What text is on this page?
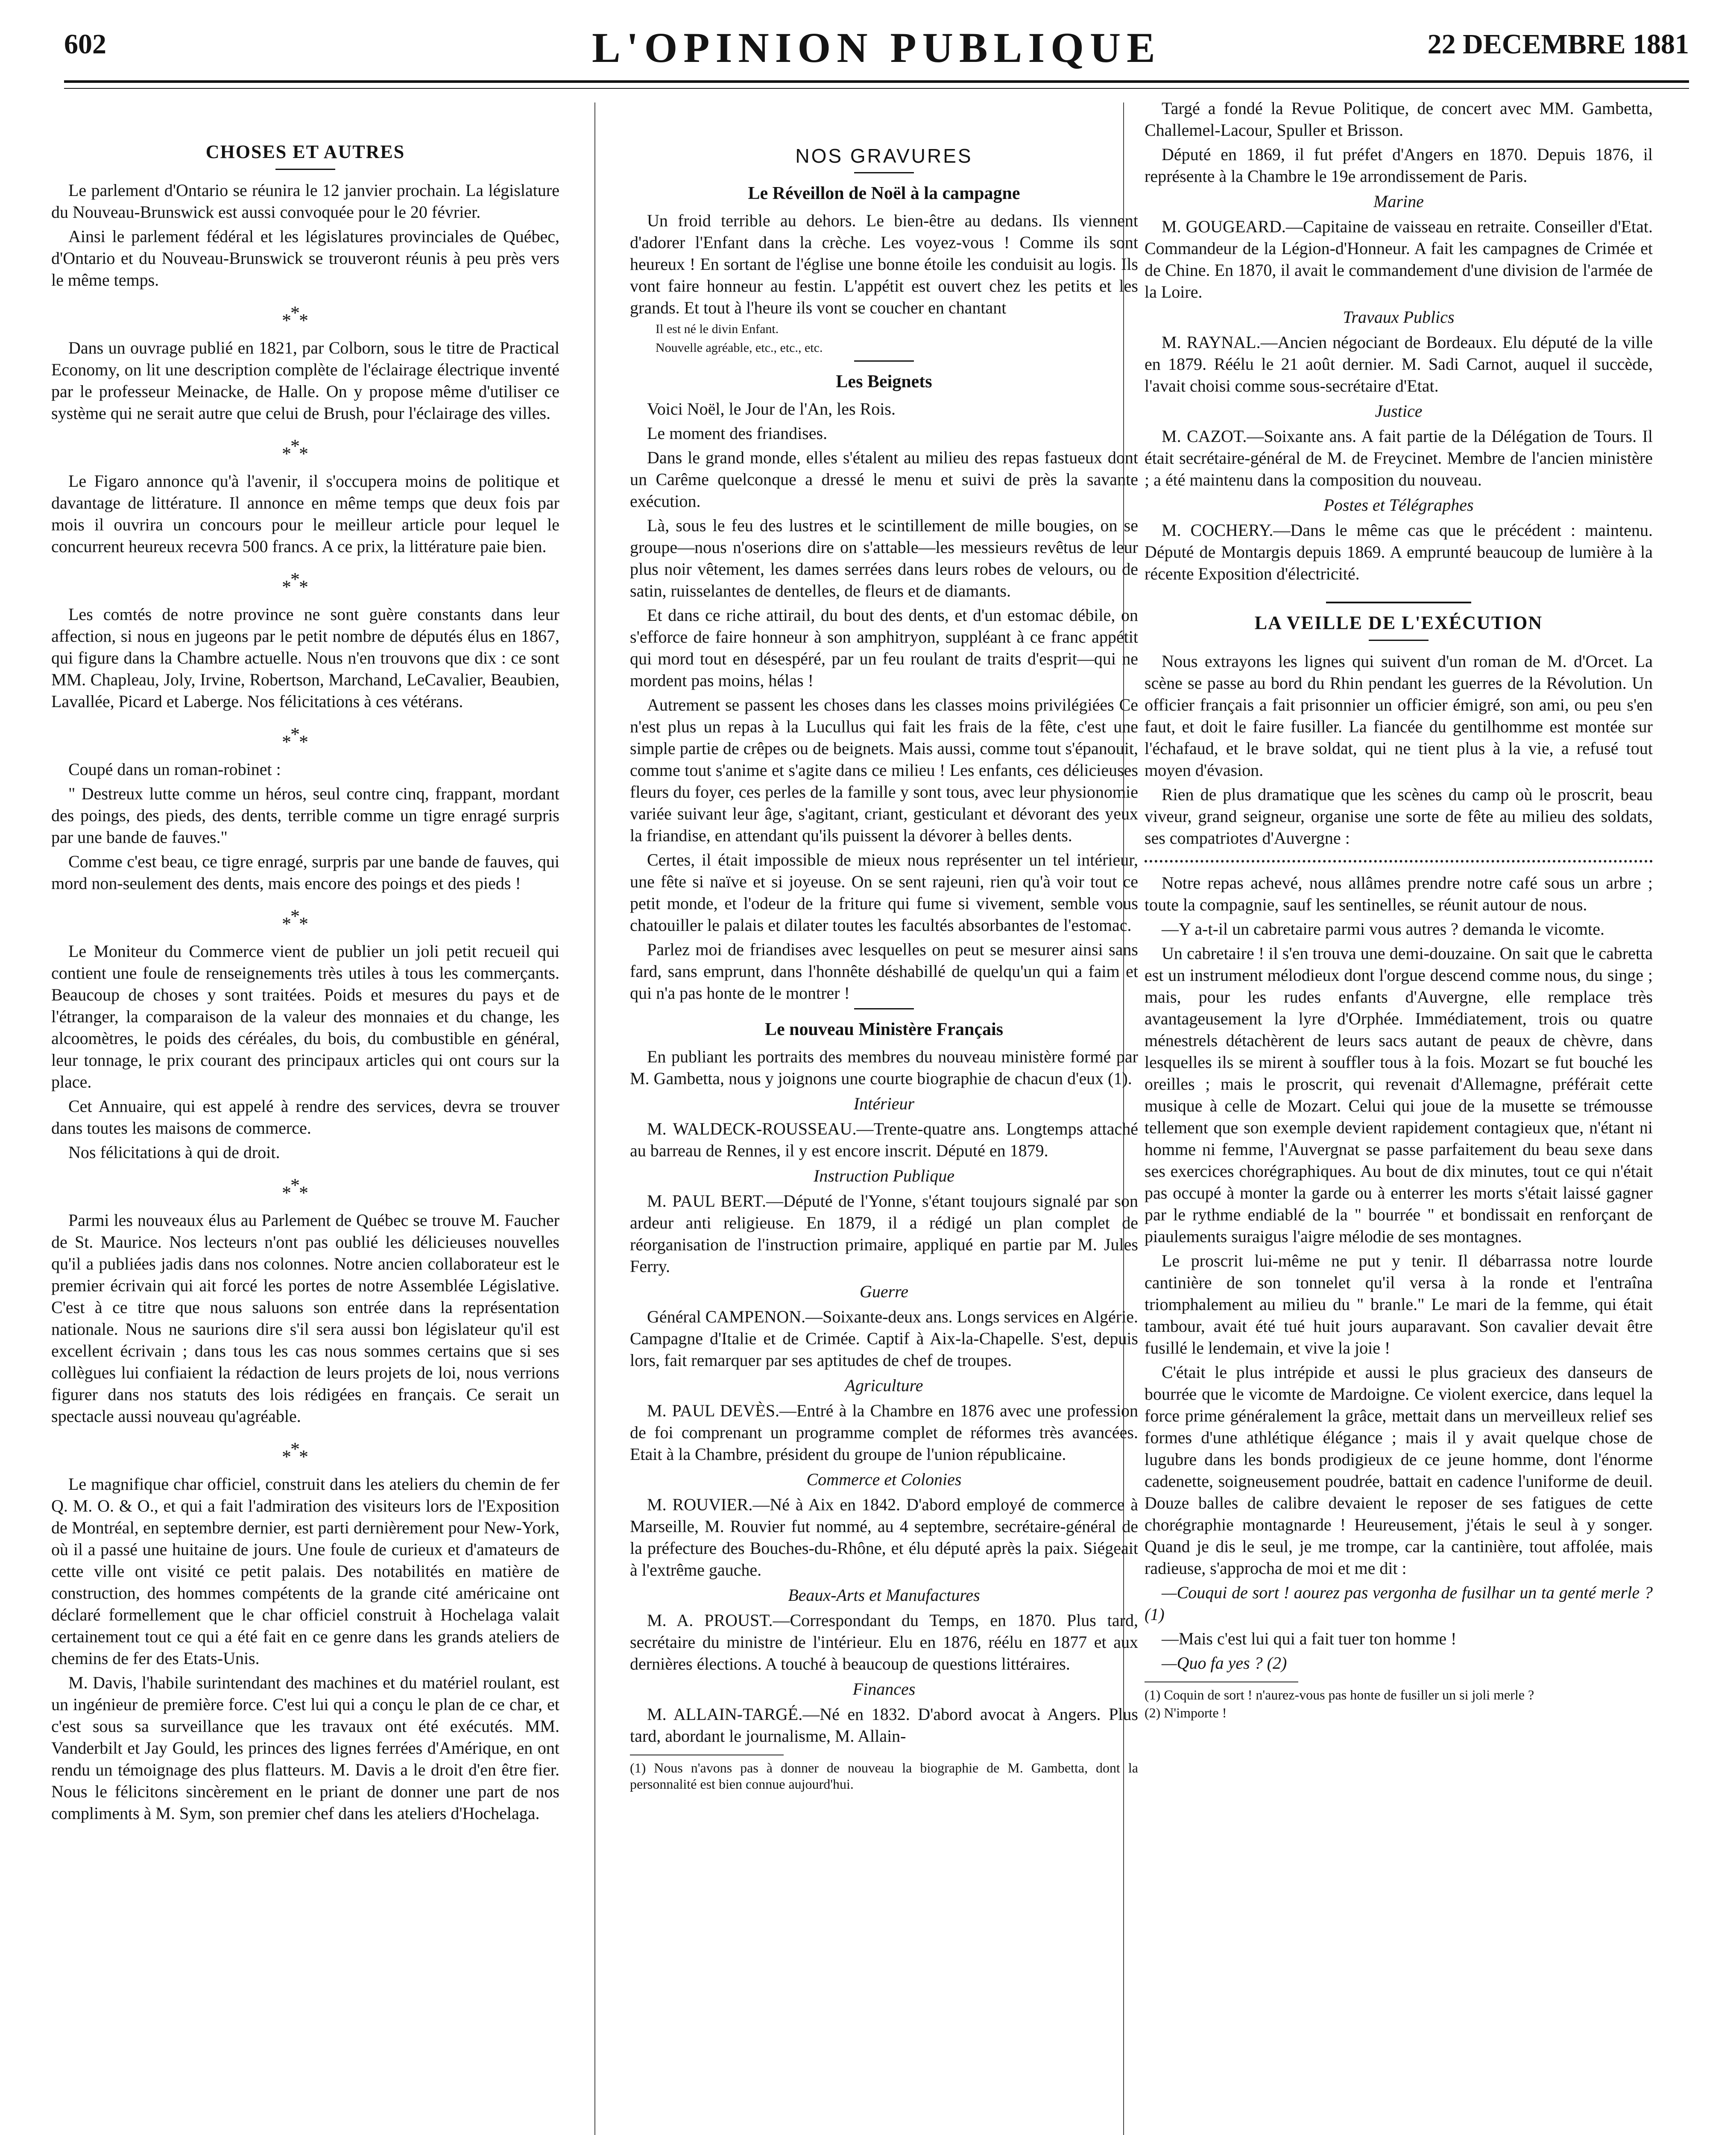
602	L'OPINION PUBLIQUE	22 DECEMBRE 1881
CHOSES ET AUTRES

Le parlement d'Ontario se réunira le 12 janvier prochain. La législature du Nouveau-Brunswick est aussi convoquée pour le 20 février.

Ainsi le parlement fédéral et les législatures provinciales de Québec, d'Ontario et du Nouveau-Brunswick se trouveront réunis à peu près vers le même temps.

*
* *

Dans un ouvrage publié en 1821, par Colborn, sous le titre de Practical Economy, on lit une description complète de l'éclairage électrique inventé par le professeur Meinacke, de Halle. On y propose même d'utiliser ce système qui ne serait autre que celui de Brush, pour l'éclairage des villes.

*
* *

Le Figaro annonce qu'à l'avenir, il s'occupera moins de politique et davantage de littérature. Il annonce en même temps que deux fois par mois il ouvrira un concours pour le meilleur article pour lequel le concurrent heureux recevra 500 francs. A ce prix, la littérature paie bien.

*
* *

Les comtés de notre province ne sont guère constants dans leur affection, si nous en jugeons par le petit nombre de députés élus en 1867, qui figure dans la Chambre actuelle. Nous n'en trouvons que dix : ce sont MM. Chapleau, Joly, Irvine, Robertson, Marchand, LeCavalier, Beaubien, Lavallée, Picard et Laberge. Nos félicitations à ces vétérans.

*
* *

Coupé dans un roman-robinet :

" Destreux lutte comme un héros, seul contre cinq, frappant, mordant des poings, des pieds, des dents, terrible comme un tigre enragé surpris par une bande de fauves."

Comme c'est beau, ce tigre enragé, surpris par une bande de fauves, qui mord non-seulement des dents, mais encore des poings et des pieds !

*
* *

Le Moniteur du Commerce vient de publier un joli petit recueil qui contient une foule de renseignements très utiles à tous les commerçants. Beaucoup de choses y sont traitées. Poids et mesures du pays et de l'étranger, la comparaison de la valeur des monnaies et du change, les alcoomètres, le poids des céréales, du bois, du combustible en général, leur tonnage, le prix courant des principaux articles qui ont cours sur la place.

Cet Annuaire, qui est appelé à rendre des services, devra se trouver dans toutes les maisons de commerce.

Nos félicitations à qui de droit.

*
* *

Parmi les nouveaux élus au Parlement de Québec se trouve M. Faucher de St. Maurice. Nos lecteurs n'ont pas oublié les délicieuses nouvelles qu'il a publiées jadis dans nos colonnes. Notre ancien collaborateur est le premier écrivain qui ait forcé les portes de notre Assemblée Législative. C'est à ce titre que nous saluons son entrée dans la représentation nationale. Nous ne saurions dire s'il sera aussi bon législateur qu'il est excellent écrivain ; dans tous les cas nous sommes certains que si ses collègues lui confiaient la rédaction de leurs projets de loi, nous verrions figurer dans nos statuts des lois rédigées en français. Ce serait un spectacle aussi nouveau qu'agréable.

*
* *

Le magnifique char officiel, construit dans les ateliers du chemin de fer Q. M. O. & O., et qui a fait l'admiration des visiteurs lors de l'Exposition de Montréal, en septembre dernier, est parti dernièrement pour New-York, où il a passé une huitaine de jours. Une foule de curieux et d'amateurs de cette ville ont visité ce petit palais. Des notabilités en matière de construction, des hommes compétents de la grande cité américaine ont déclaré formellement que le char officiel construit à Hochelaga valait certainement tout ce qui a été fait en ce genre dans les grands ateliers de chemins de fer des Etats-Unis.

M. Davis, l'habile surintendant des machines et du matériel roulant, est un ingénieur de première force. C'est lui qui a conçu le plan de ce char, et c'est sous sa surveillance que les travaux ont été exécutés. MM. Vanderbilt et Jay Gould, les princes des lignes ferrées d'Amérique, en ont rendu un témoignage des plus flatteurs. M. Davis a le droit d'en être fier. Nous le félicitons sincèrement en le priant de donner une part de nos compliments à M. Sym, son premier chef dans les ateliers d'Hochelaga.

NOS GRAVURES
Le Réveillon de Noël à la campagne

Un froid terrible au dehors. Le bien-être au dedans. Ils viennent d'adorer l'Enfant dans la crèche. Les voyez-vous ! Comme ils sont heureux ! En sortant de l'église une bonne étoile les conduisit au logis. Ils vont faire honneur au festin. L'appétit est ouvert chez les petits et les grands. Et tout à l'heure ils vont se coucher en chantant

Il est né le divin Enfant.

Nouvelle agréable, etc., etc., etc.

Les Beignets

Voici Noël, le Jour de l'An, les Rois.

Le moment des friandises.

Dans le grand monde, elles s'étalent au milieu des repas fastueux dont un Carême quelconque a dressé le menu et suivi de près la savante exécution.

Là, sous le feu des lustres et le scintillement de mille bougies, on se groupe—nous n'oserions dire on s'attable—les messieurs revêtus de leur plus noir vêtement, les dames serrées dans leurs robes de velours, ou de satin, ruisselantes de dentelles, de fleurs et de diamants.

Et dans ce riche attirail, du bout des dents, et d'un estomac débile, on s'efforce de faire honneur à son amphitryon, suppléant à ce franc appétit qui mord tout en désespéré, par un feu roulant de traits d'esprit—qui ne mordent pas moins, hélas !

Autrement se passent les choses dans les classes moins privilégiées Ce n'est plus un repas à la Lucullus qui fait les frais de la fête, c'est une simple partie de crêpes ou de beignets. Mais aussi, comme tout s'épanouit, comme tout s'anime et s'agite dans ce milieu ! Les enfants, ces délicieuses fleurs du foyer, ces perles de la famille y sont tous, avec leur physionomie variée suivant leur âge, s'agitant, criant, gesticulant et dévorant des yeux la friandise, en attendant qu'ils puissent la dévorer à belles dents.

Certes, il était impossible de mieux nous représenter un tel intérieur, une fête si naïve et si joyeuse. On se sent rajeuni, rien qu'à voir tout ce petit monde, et l'odeur de la friture qui fume si vivement, semble vous chatouiller le palais et dilater toutes les facultés absorbantes de l'estomac.

Parlez moi de friandises avec lesquelles on peut se mesurer ainsi sans fard, sans emprunt, dans l'honnête déshabillé de quelqu'un qui a faim et qui n'a pas honte de le montrer !

Le nouveau Ministère Français

En publiant les portraits des membres du nouveau ministère formé par M. Gambetta, nous y joignons une courte biographie de chacun d'eux (1).

Intérieur

M. WALDECK-ROUSSEAU.—Trente-quatre ans. Longtemps attaché au barreau de Rennes, il y est encore inscrit. Député en 1879.

Instruction Publique

M. PAUL BERT.—Député de l'Yonne, s'étant toujours signalé par son ardeur anti religieuse. En 1879, il a rédigé un plan complet de réorganisation de l'instruction primaire, appliqué en partie par M. Jules Ferry.

Guerre

Général CAMPENON.—Soixante-deux ans. Longs services en Algérie. Campagne d'Italie et de Crimée. Captif à Aix-la-Chapelle. S'est, depuis lors, fait remarquer par ses aptitudes de chef de troupes.

Agriculture

M. PAUL DEVÈS.—Entré à la Chambre en 1876 avec une profession de foi comprenant un programme complet de réformes très avancées. Etait à la Chambre, président du groupe de l'union républicaine.

Commerce et Colonies

M. ROUVIER.—Né à Aix en 1842. D'abord employé de commerce à Marseille, M. Rouvier fut nommé, au 4 septembre, secrétaire-général de la préfecture des Bouches-du-Rhône, et élu député après la paix. Siégeait à l'extrême gauche.

Beaux-Arts et Manufactures

M. A. PROUST.—Correspondant du Temps, en 1870. Plus tard, secrétaire du ministre de l'intérieur. Elu en 1876, réélu en 1877 et aux dernières élections. A touché à beaucoup de questions littéraires.

Finances

M. ALLAIN-TARGÉ.—Né en 1832. D'abord avocat à Angers. Plus tard, abordant le journalisme, M. Allain-

(1) Nous n'avons pas à donner de nouveau la biographie de M. Gambetta, dont la personnalité est bien connue aujourd'hui.

Targé a fondé la Revue Politique, de concert avec MM. Gambetta, Challemel-Lacour, Spuller et Brisson.

Député en 1869, il fut préfet d'Angers en 1870. Depuis 1876, il représente à la Chambre le 19e arrondissement de Paris.

Marine

M. GOUGEARD.—Capitaine de vaisseau en retraite. Conseiller d'Etat. Commandeur de la Légion-d'Honneur. A fait les campagnes de Crimée et de Chine. En 1870, il avait le commandement d'une division de l'armée de la Loire.

Travaux Publics

M. RAYNAL.—Ancien négociant de Bordeaux. Elu député de la ville en 1879. Réélu le 21 août dernier. M. Sadi Carnot, auquel il succède, l'avait choisi comme sous-secrétaire d'Etat.

Justice

M. CAZOT.—Soixante ans. A fait partie de la Délégation de Tours. Il était secrétaire-général de M. de Freycinet. Membre de l'ancien ministère ; a été maintenu dans la composition du nouveau.

Postes et Télégraphes

M. COCHERY.—Dans le même cas que le précédent : maintenu. Député de Montargis depuis 1869. A emprunté beaucoup de lumière à la récente Exposition d'électricité.

LA VEILLE DE L'EXÉCUTION

Nous extrayons les lignes qui suivent d'un roman de M. d'Orcet. La scène se passe au bord du Rhin pendant les guerres de la Révolution. Un officier français a fait prisonnier un officier émigré, son ami, ou peu s'en faut, et doit le faire fusiller. La fiancée du gentilhomme est montée sur l'échafaud, et le brave soldat, qui ne tient plus à la vie, a refusé tout moyen d'évasion.

Rien de plus dramatique que les scènes du camp où le proscrit, beau viveur, grand seigneur, organise une sorte de fête au milieu des soldats, ses compatriotes d'Auvergne :

Notre repas achevé, nous allâmes prendre notre café sous un arbre ; toute la compagnie, sauf les sentinelles, se réunit autour de nous.

—Y a-t-il un cabretaire parmi vous autres ? demanda le vicomte.

Un cabretaire ! il s'en trouva une demi-douzaine. On sait que le cabretta est un instrument mélodieux dont l'orgue descend comme nous, du singe ; mais, pour les rudes enfants d'Auvergne, elle remplace très avantageusement la lyre d'Orphée. Immédiatement, trois ou quatre ménestrels détachèrent de leurs sacs autant de peaux de chèvre, dans lesquelles ils se mirent à souffler tous à la fois. Mozart se fut bouché les oreilles ; mais le proscrit, qui revenait d'Allemagne, préférait cette musique à celle de Mozart. Celui qui joue de la musette se trémousse tellement que son exemple devient rapidement contagieux que, n'étant ni homme ni femme, l'Auvergnat se passe parfaitement du beau sexe dans ses exercices chorégraphiques. Au bout de dix minutes, tout ce qui n'était pas occupé à monter la garde ou à enterrer les morts s'était laissé gagner par le rythme endiablé de la " bourrée " et bondissait en renforçant de piaulements suraigus l'aigre mélodie de ses montagnes.

Le proscrit lui-même ne put y tenir. Il débarrassa notre lourde cantinière de son tonnelet qu'il versa à la ronde et l'entraîna triomphalement au milieu du " branle." Le mari de la femme, qui était tambour, avait été tué huit jours auparavant. Son cavalier devait être fusillé le lendemain, et vive la joie !

C'était le plus intrépide et aussi le plus gracieux des danseurs de bourrée que le vicomte de Mardoigne. Ce violent exercice, dans lequel la force prime généralement la grâce, mettait dans un merveilleux relief ses formes d'une athlétique élégance ; mais il y avait quelque chose de lugubre dans les bonds prodigieux de ce jeune homme, dont l'énorme cadenette, soigneusement poudrée, battait en cadence l'uniforme de deuil. Douze balles de calibre devaient le reposer de ses fatigues de cette chorégraphie montagnarde ! Heureusement, j'étais le seul à y songer. Quand je dis le seul, je me trompe, car la cantinière, tout affolée, mais radieuse, s'approcha de moi et me dit :

—Couqui de sort ! aourez pas vergonha de fusilhar un ta genté merle ? (1)

—Mais c'est lui qui a fait tuer ton homme !

—Quo fa yes ? (2)

(1) Coquin de sort ! n'aurez-vous pas honte de fusiller un si joli merle ?

(2) N'importe !
